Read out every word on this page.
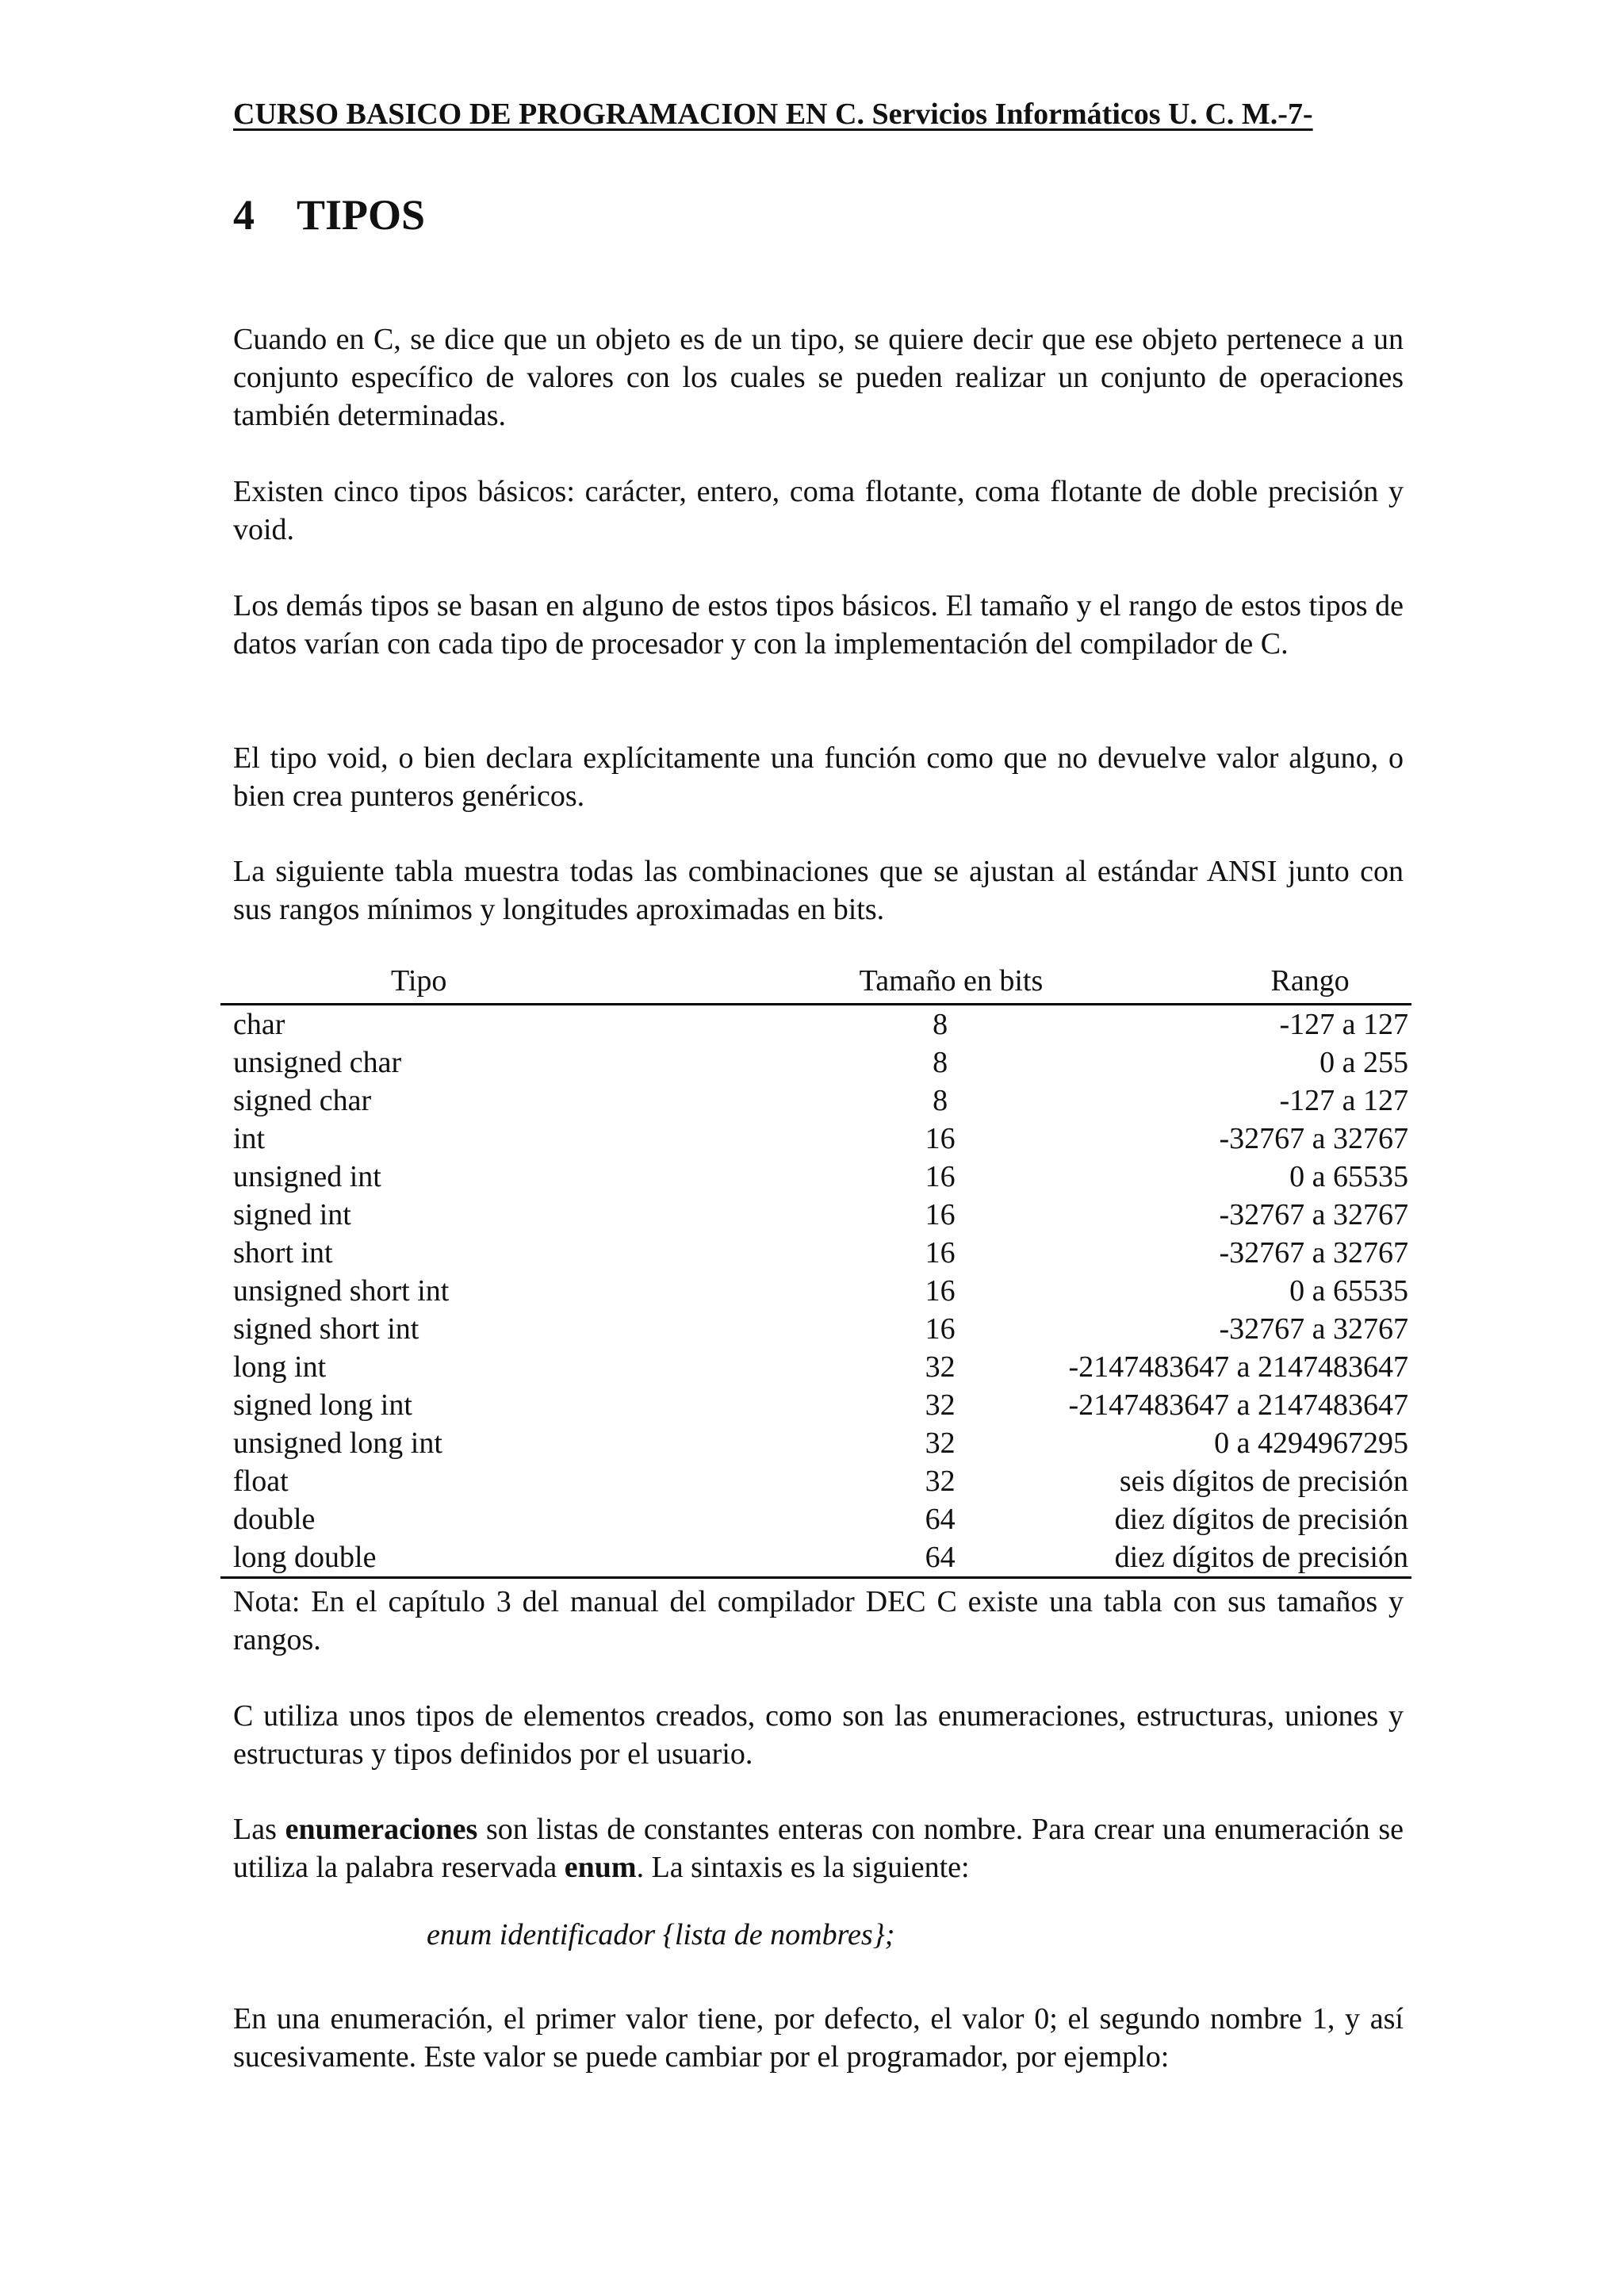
CURSO BASICO DE PROGRAMACION EN C. Servicios Informáticos U. C. M.-7-
4 TIPOS

Cuando en C, se dice que un objeto es de un tipo, se quiere decir que ese objeto pertenece a un conjunto específico de valores con los cuales se pueden realizar un conjunto de operaciones también determinadas.

Existen cinco tipos básicos: carácter, entero, coma flotante, coma flotante de doble precisión y void.

Los demás tipos se basan en alguno de estos tipos básicos. El tamaño y el rango de estos tipos de datos varían con cada tipo de procesador y con la implementación del compilador de C.

El tipo void, o bien declara explícitamente una función como que no devuelve valor alguno, o bien crea punteros genéricos.

La siguiente tabla muestra todas las combinaciones que se ajustan al estándar ANSI junto con sus rangos mínimos y longitudes aproximadas en bits.

Tipo	Tamaño en bits	Rango
char	8	-127 a 127
unsigned char	8	0 a 255
signed char	8	-127 a 127
int	16	-32767 a 32767
unsigned int	16	0 a 65535
signed int	16	-32767 a 32767
short int	16	-32767 a 32767
unsigned short int	16	0 a 65535
signed short int	16	-32767 a 32767
long int	32	-2147483647 a 2147483647
signed long int	32	-2147483647 a 2147483647
unsigned long int	32	0 a 4294967295
float	32	seis dígitos de precisión
double	64	diez dígitos de precisión
long double	64	diez dígitos de precisión

Nota: En el capítulo 3 del manual del compilador DEC C existe una tabla con sus tamaños y rangos.

C utiliza unos tipos de elementos creados, como son las enumeraciones, estructuras, uniones y estructuras y tipos definidos por el usuario.

Las enumeraciones son listas de constantes enteras con nombre. Para crear una enumeración se utiliza la palabra reservada enum. La sintaxis es la siguiente:

enum identificador {lista de nombres};

En una enumeración, el primer valor tiene, por defecto, el valor 0; el segundo nombre 1, y así sucesivamente. Este valor se puede cambiar por el programador, por ejemplo:
